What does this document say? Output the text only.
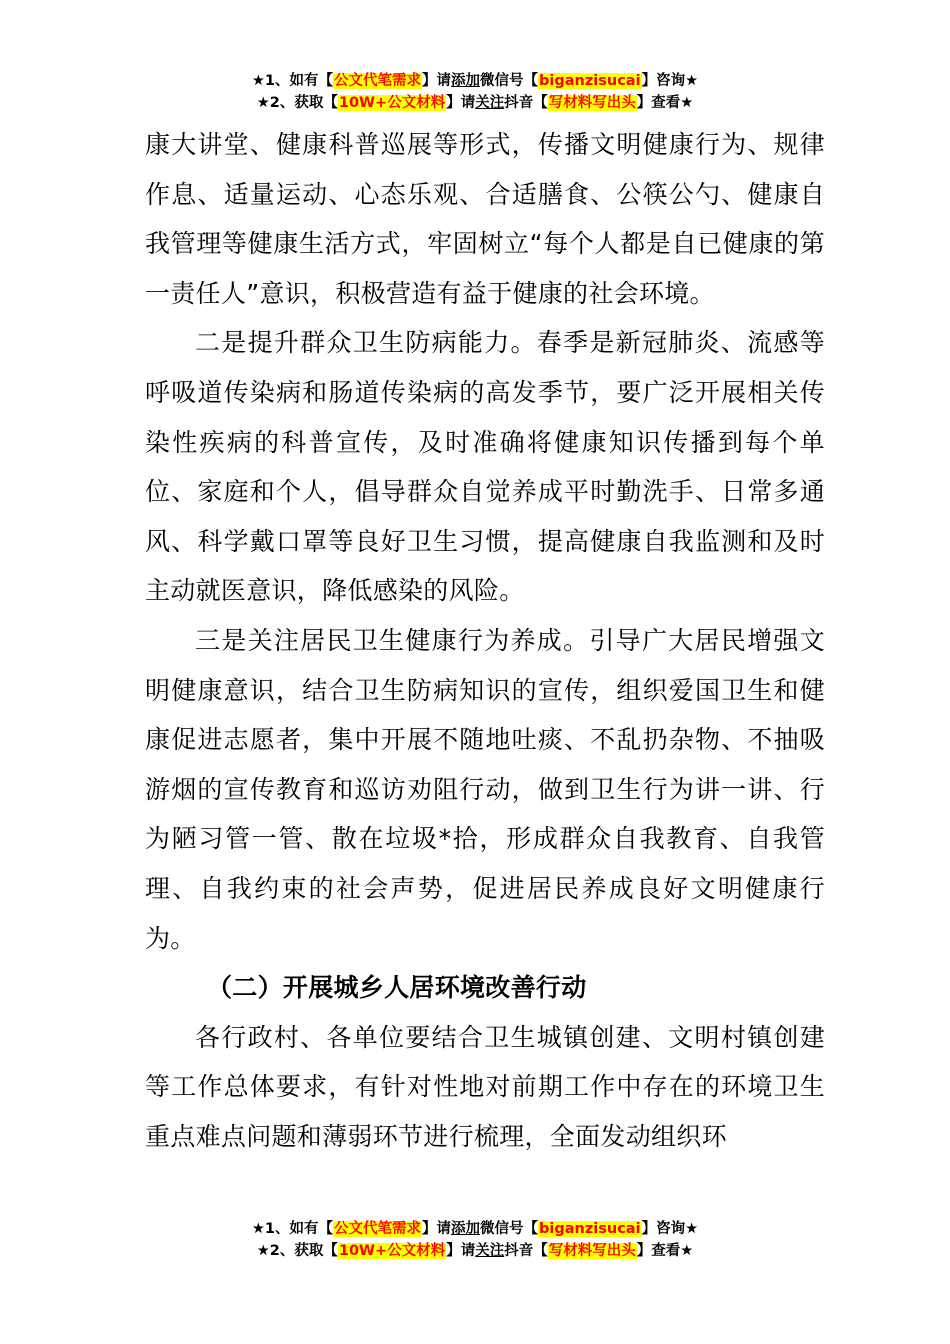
★1、如有【公文代笔需求】请添加微信号【biganzisucai】咨询★
★2、获取【10W+公文材料】请关注抖音【写材料写出头】查看★

康大讲堂、健康科普巡展等形式，传播文明健康行为、规律作息、适量运动、心态乐观、合适膳食、公筷公勺、健康自我管理等健康生活方式，牢固树立“每个人都是自已健康的第一责任人”意识，积极营造有益于健康的社会环境。

二是提升群众卫生防病能力。春季是新冠肺炎、流感等呼吸道传染病和肠道传染病的高发季节，要广泛开展相关传染性疾病的科普宣传，及时准确将健康知识传播到每个单位、家庭和个人，倡导群众自觉养成平时勤洗手、日常多通风、科学戴口罩等良好卫生习惯，提高健康自我监测和及时主动就医意识，降低感染的风险。

三是关注居民卫生健康行为养成。引导广大居民增强文明健康意识，结合卫生防病知识的宣传，组织爱国卫生和健康促进志愿者，集中开展不随地吐痰、不乱扔杂物、不抽吸游烟的宣传教育和巡访劝阻行动，做到卫生行为讲一讲、行为陋习管一管、散在垃圾*拾，形成群众自我教育、自我管理、自我约束的社会声势，促进居民养成良好文明健康行为。

（二）开展城乡人居环境改善行动

各行政村、各单位要结合卫生城镇创建、文明村镇创建等工作总体要求，有针对性地对前期工作中存在的环境卫生重点难点问题和薄弱环节进行梳理，全面发动组织环

★1、如有【公文代笔需求】请添加微信号【biganzisucai】咨询★
★2、获取【10W+公文材料】请关注抖音【写材料写出头】查看★
